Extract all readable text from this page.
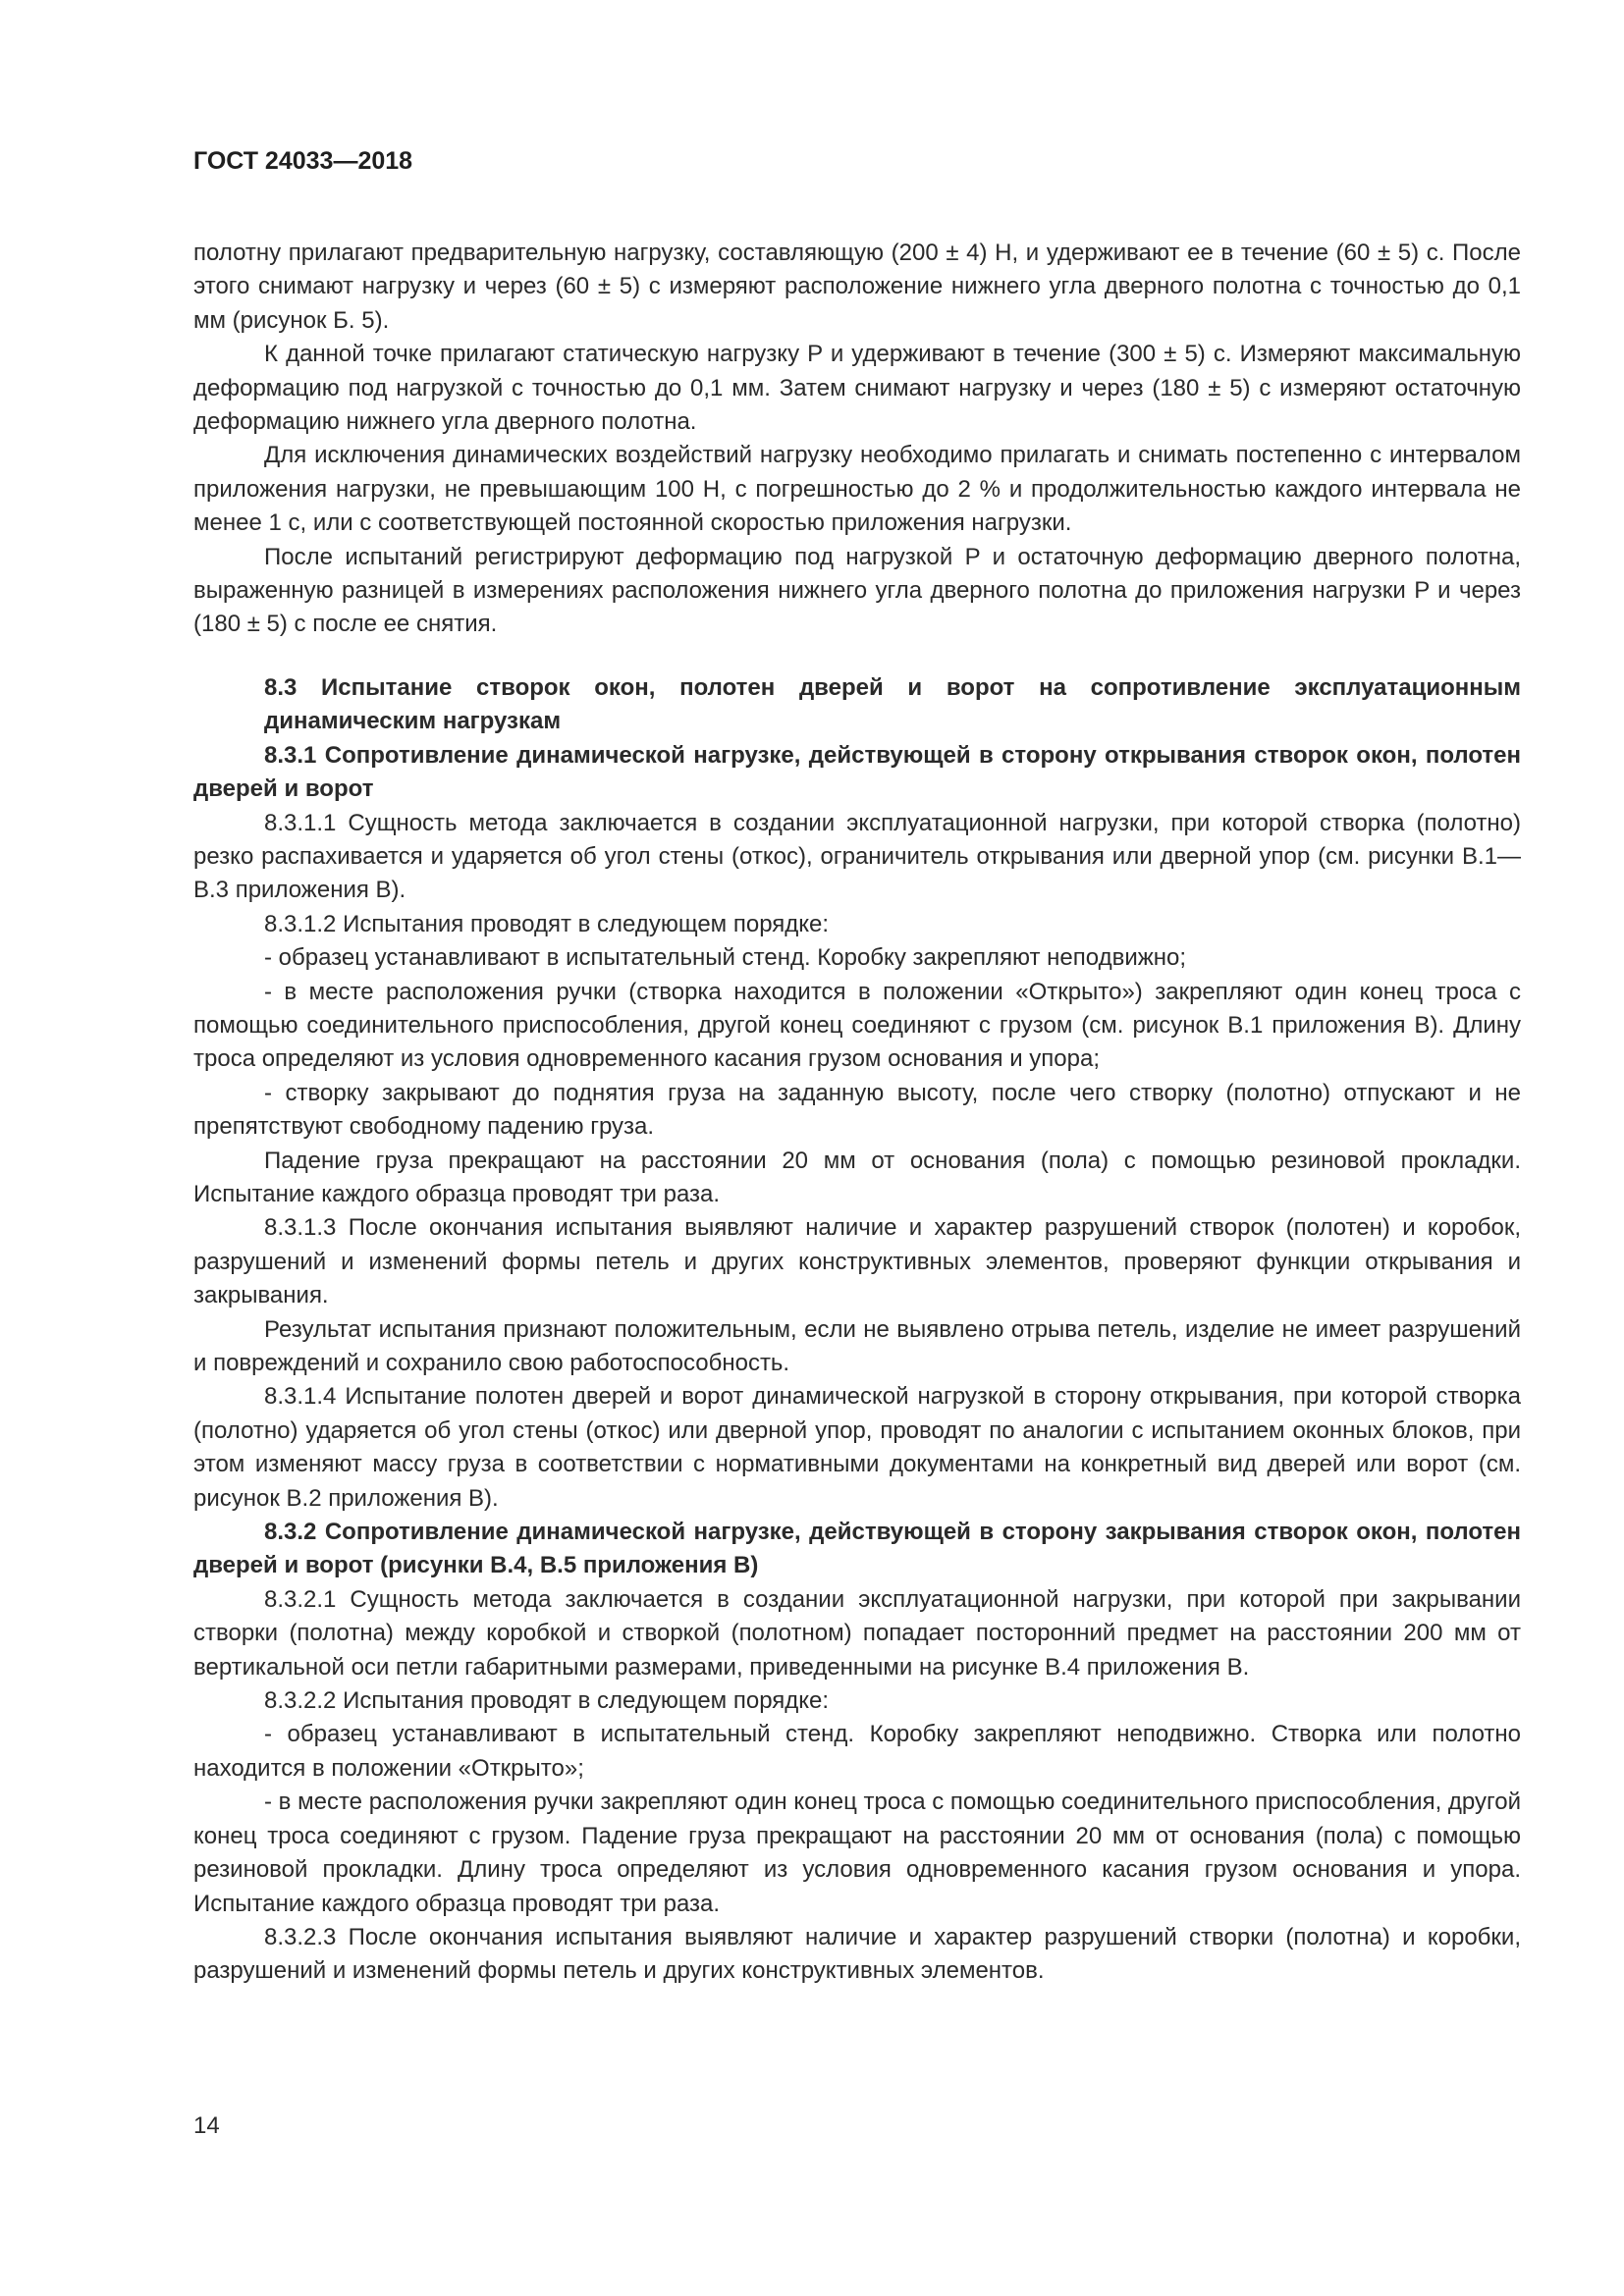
ГОСТ 24033—2018

полотну прилагают предварительную нагрузку, составляющую (200 ± 4) Н, и удерживают ее в течение (60 ± 5) с. После этого снимают нагрузку и через (60 ± 5) с измеряют расположение нижнего угла дверного полотна с точностью до 0,1 мм (рисунок Б. 5).

К данной точке прилагают статическую нагрузку P и удерживают в течение (300 ± 5) с. Измеряют максимальную деформацию под нагрузкой с точностью до 0,1 мм. Затем снимают нагрузку и через (180 ± 5) с измеряют остаточную деформацию нижнего угла дверного полотна.

Для исключения динамических воздействий нагрузку необходимо прилагать и снимать постепенно с интервалом приложения нагрузки, не превышающим 100 Н, с погрешностью до 2 % и продолжительностью каждого интервала не менее 1 с, или с соответствующей постоянной скоростью приложения нагрузки.

После испытаний регистрируют деформацию под нагрузкой P и остаточную деформацию дверного полотна, выраженную разницей в измерениях расположения нижнего угла дверного полотна до приложения нагрузки P и через (180 ± 5) с после ее снятия.

8.3 Испытание створок окон, полотен дверей и ворот на сопротивление эксплуатационным динамическим нагрузкам
8.3.1 Сопротивление динамической нагрузке, действующей в сторону открывания створок окон, полотен дверей и ворот

8.3.1.1 Сущность метода заключается в создании эксплуатационной нагрузки, при которой створка (полотно) резко распахивается и ударяется об угол стены (откос), ограничитель открывания или дверной упор (см. рисунки В.1—В.3 приложения В).

8.3.1.2 Испытания проводят в следующем порядке:

- образец устанавливают в испытательный стенд. Коробку закрепляют неподвижно;

- в месте расположения ручки (створка находится в положении «Открыто») закрепляют один конец троса с помощью соединительного приспособления, другой конец соединяют с грузом (см. рисунок В.1 приложения В). Длину троса определяют из условия одновременного касания грузом основания и упора;

- створку закрывают до поднятия груза на заданную высоту, после чего створку (полотно) отпускают и не препятствуют свободному падению груза.

Падение груза прекращают на расстоянии 20 мм от основания (пола) с помощью резиновой прокладки. Испытание каждого образца проводят три раза.

8.3.1.3 После окончания испытания выявляют наличие и характер разрушений створок (полотен) и коробок, разрушений и изменений формы петель и других конструктивных элементов, проверяют функции открывания и закрывания.

Результат испытания признают положительным, если не выявлено отрыва петель, изделие не имеет разрушений и повреждений и сохранило свою работоспособность.

8.3.1.4 Испытание полотен дверей и ворот динамической нагрузкой в сторону открывания, при которой створка (полотно) ударяется об угол стены (откос) или дверной упор, проводят по аналогии с испытанием оконных блоков, при этом изменяют массу груза в соответствии с нормативными документами на конкретный вид дверей или ворот (см. рисунок В.2 приложения В).

8.3.2 Сопротивление динамической нагрузке, действующей в сторону закрывания створок окон, полотен дверей и ворот (рисунки В.4, В.5 приложения В)

8.3.2.1 Сущность метода заключается в создании эксплуатационной нагрузки, при которой при закрывании створки (полотна) между коробкой и створкой (полотном) попадает посторонний предмет на расстоянии 200 мм от вертикальной оси петли габаритными размерами, приведенными на рисунке В.4 приложения В.

8.3.2.2 Испытания проводят в следующем порядке:

- образец устанавливают в испытательный стенд. Коробку закрепляют неподвижно. Створка или полотно находится в положении «Открыто»;

- в месте расположения ручки закрепляют один конец троса с помощью соединительного приспособления, другой конец троса соединяют с грузом. Падение груза прекращают на расстоянии 20 мм от основания (пола) с помощью резиновой прокладки. Длину троса определяют из условия одновременного касания грузом основания и упора. Испытание каждого образца проводят три раза.

8.3.2.3 После окончания испытания выявляют наличие и характер разрушений створки (полотна) и коробки, разрушений и изменений формы петель и других конструктивных элементов.

14
